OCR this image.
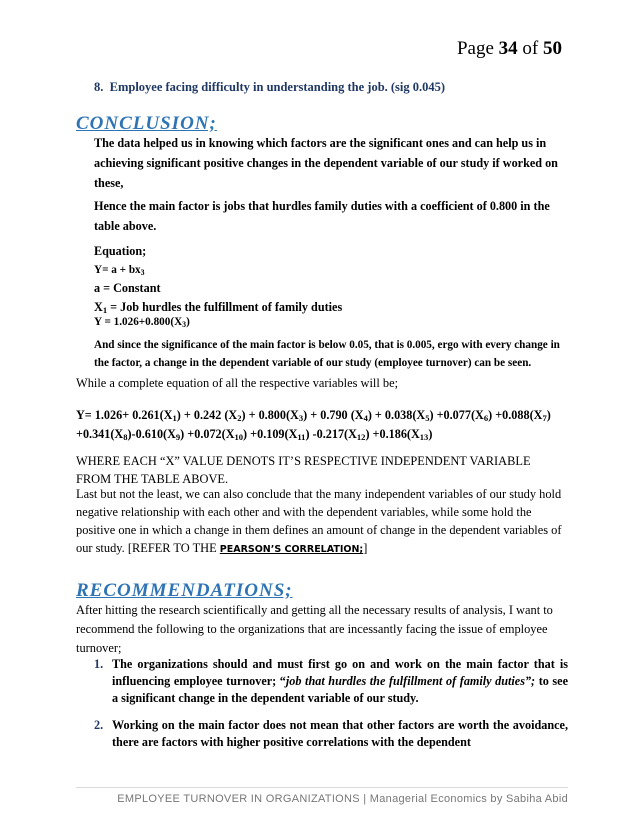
Page 34 of 50
8. Employee facing difficulty in understanding the job. (sig 0.045)
CONCLUSION;

The data helped us in knowing which factors are the significant ones and can help us in achieving significant positive changes in the dependent variable of our study if worked on these,

Hence the main factor is jobs that hurdles family duties with a coefficient of 0.800 in the table above.

Equation;

$Y= a + bx_3$

a = Constant

$X_1$ = Job hurdles the fulfillment of family duties

$Y = 1.026+0.800(X_3)$

And since the significance of the main factor is below 0.05, that is 0.005, ergo with every change in the factor, a change in the dependent variable of our study (employee turnover) can be seen.

While a complete equation of all the respective variables will be;

$Y= 1.026+ 0.261(X_1) + 0.242$ $(X_2) + 0.800(X_3) + 0.790$ $(X_4) + 0.038(X_5) +0.077(X_6) +0.088(X_7) +0.341(X_8)-0.610(X_9) +0.072(X_{10}) +0.109(X_{11})$ $-0.217(X_{12}) +0.186(X_{13})$

WHERE EACH “X” VALUE DENOTS IT’S RESPECTIVE INDEPENDENT VARIABLE FROM THE TABLE ABOVE.

Last but not the least, we can also conclude that the many independent variables of our study hold negative relationship with each other and with the dependent variables, while some hold the positive one in which a change in them defines an amount of change in the dependent variables of our study. [REFER TO THE PEARSON’S CORRELATION;]

RECOMMENDATIONS;

After hitting the research scientifically and getting all the necessary results of analysis, I want to recommend the following to the organizations that are incessantly facing the issue of employee turnover;

1. The organizations should and must first go on and work on the main factor that is influencing employee turnover; “job that hurdles the fulfillment of family duties”; to see a significant change in the dependent variable of our study.
2. Working on the main factor does not mean that other factors are worth the avoidance, there are factors with higher positive correlations with the dependent
EMPLOYEE TURNOVER IN ORGANIZATIONS | Managerial Economics by Sabiha Abid
